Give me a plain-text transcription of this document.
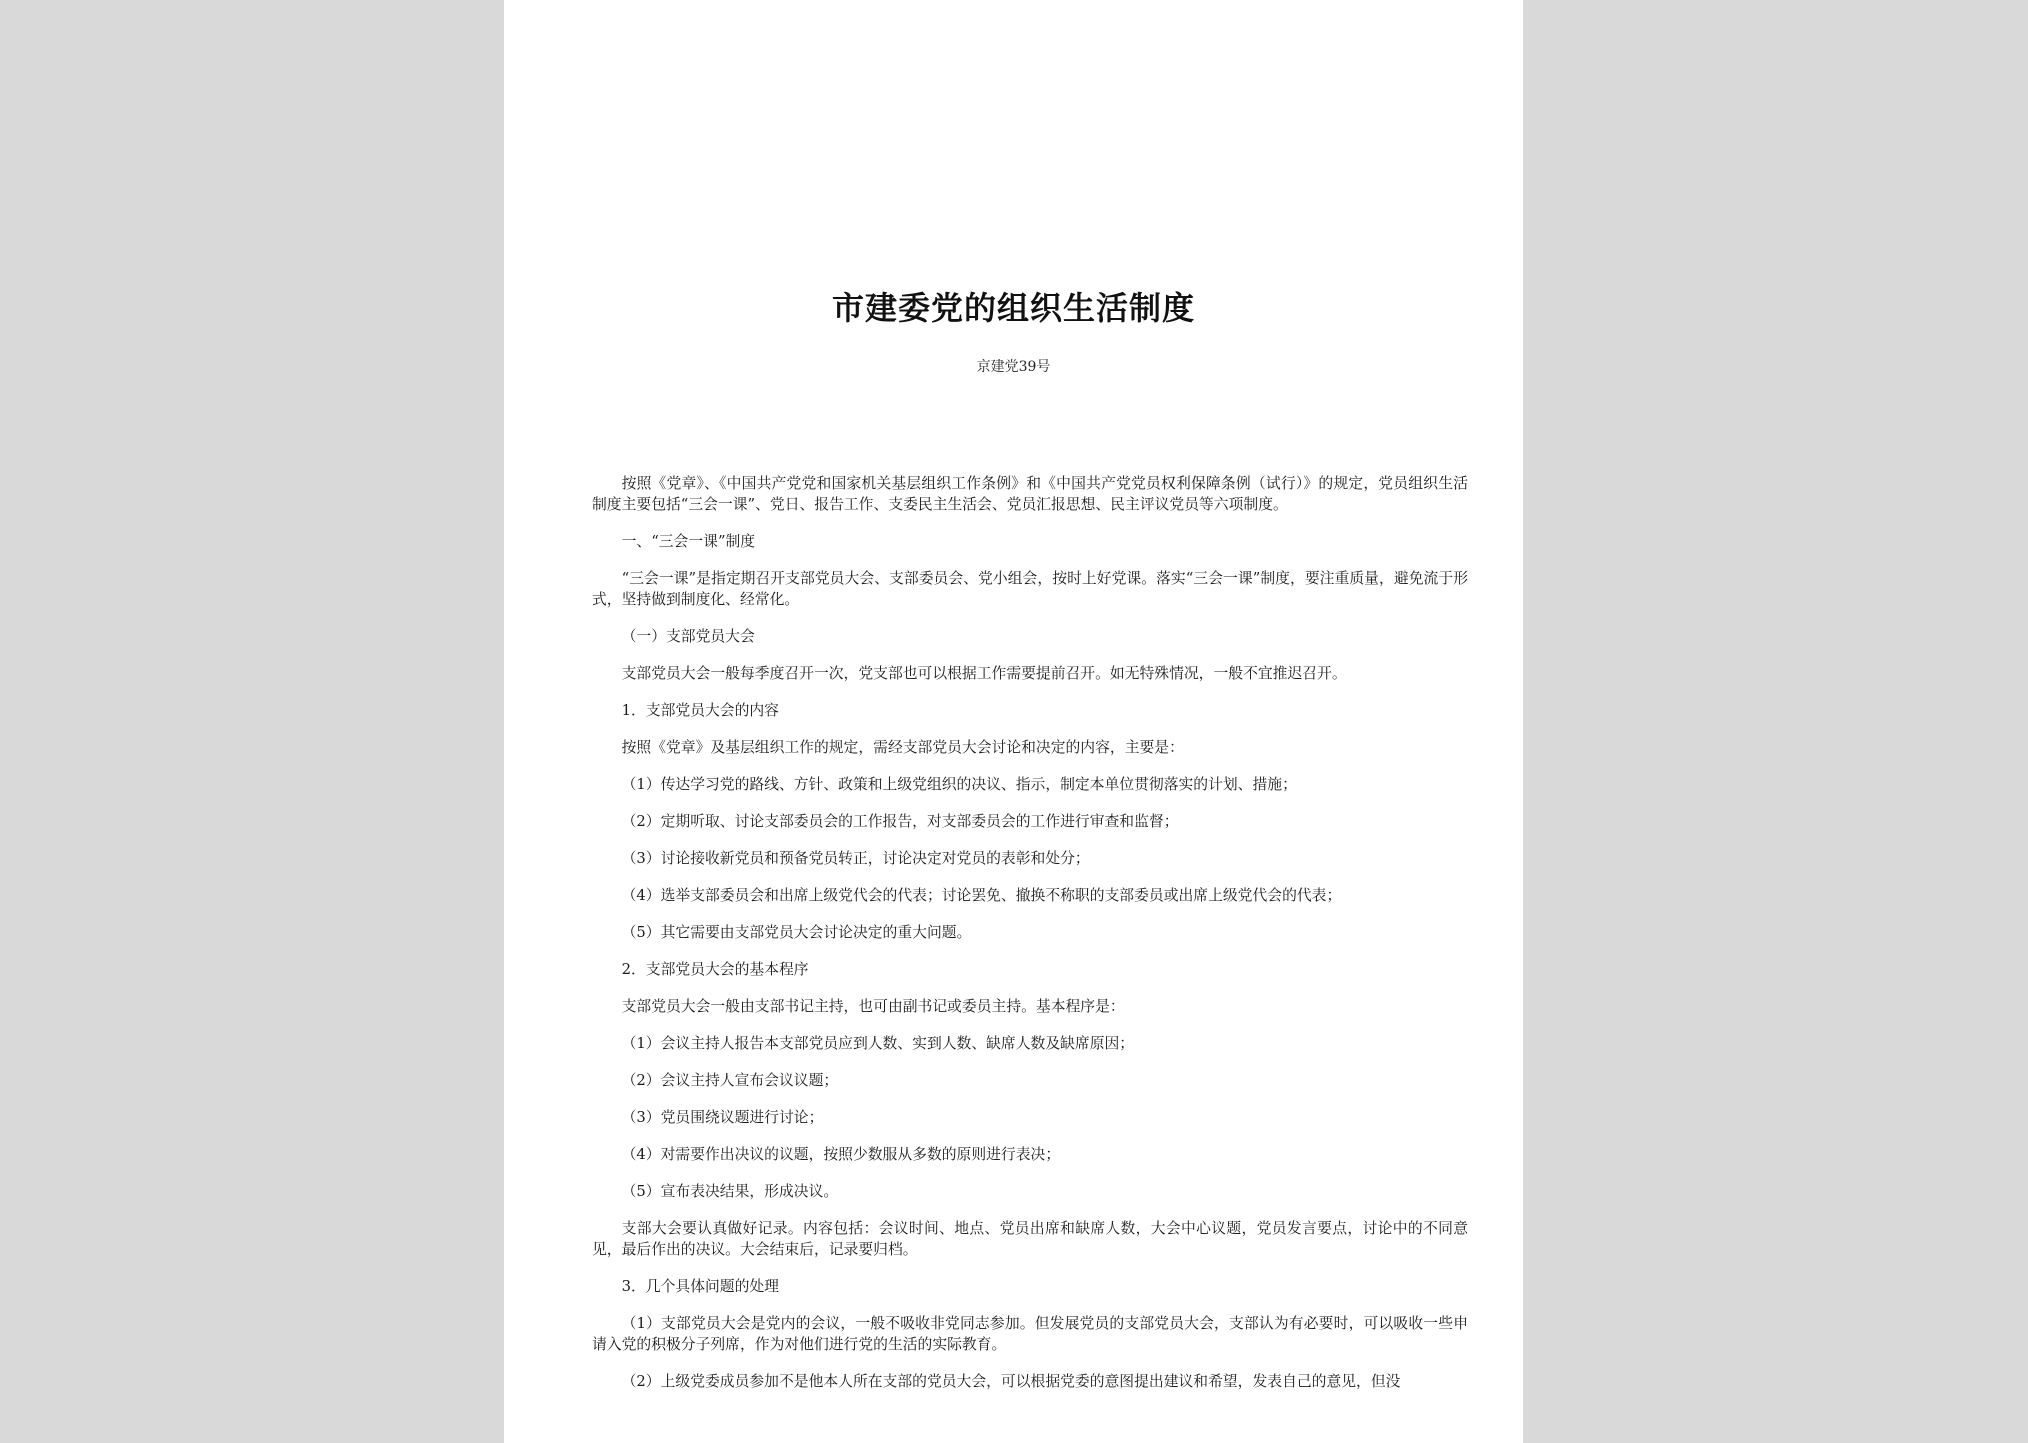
市建委党的组织生活制度
京建党39号

按照《党章》、《中国共产党党和国家机关基层组织工作条例》和《中国共产党党员权利保障条例（试行）》的规定，党员组织生活制度主要包括“三会一课”、党日、报告工作、支委民主生活会、党员汇报思想、民主评议党员等六项制度。

一、“三会一课”制度

“三会一课”是指定期召开支部党员大会、支部委员会、党小组会，按时上好党课。落实“三会一课”制度，要注重质量，避免流于形式，坚持做到制度化、经常化。

（一）支部党员大会

支部党员大会一般每季度召开一次，党支部也可以根据工作需要提前召开。如无特殊情况，一般不宜推迟召开。

1．支部党员大会的内容

按照《党章》及基层组织工作的规定，需经支部党员大会讨论和决定的内容，主要是：

（1）传达学习党的路线、方针、政策和上级党组织的决议、指示，制定本单位贯彻落实的计划、措施；

（2）定期听取、讨论支部委员会的工作报告，对支部委员会的工作进行审查和监督；

（3）讨论接收新党员和预备党员转正，讨论决定对党员的表彰和处分；

（4）选举支部委员会和出席上级党代会的代表；讨论罢免、撤换不称职的支部委员或出席上级党代会的代表；

（5）其它需要由支部党员大会讨论决定的重大问题。

2．支部党员大会的基本程序

支部党员大会一般由支部书记主持，也可由副书记或委员主持。基本程序是：

（1）会议主持人报告本支部党员应到人数、实到人数、缺席人数及缺席原因；

（2）会议主持人宣布会议议题；

（3）党员围绕议题进行讨论；

（4）对需要作出决议的议题，按照少数服从多数的原则进行表决；

（5）宣布表决结果，形成决议。

支部大会要认真做好记录。内容包括：会议时间、地点、党员出席和缺席人数，大会中心议题，党员发言要点，讨论中的不同意见，最后作出的决议。大会结束后，记录要归档。

3．几个具体问题的处理

（1）支部党员大会是党内的会议，一般不吸收非党同志参加。但发展党员的支部党员大会，支部认为有必要时，可以吸收一些申请入党的积极分子列席，作为对他们进行党的生活的实际教育。

（2）上级党委成员参加不是他本人所在支部的党员大会，可以根据党委的意图提出建议和希望，发表自己的意见，但没
